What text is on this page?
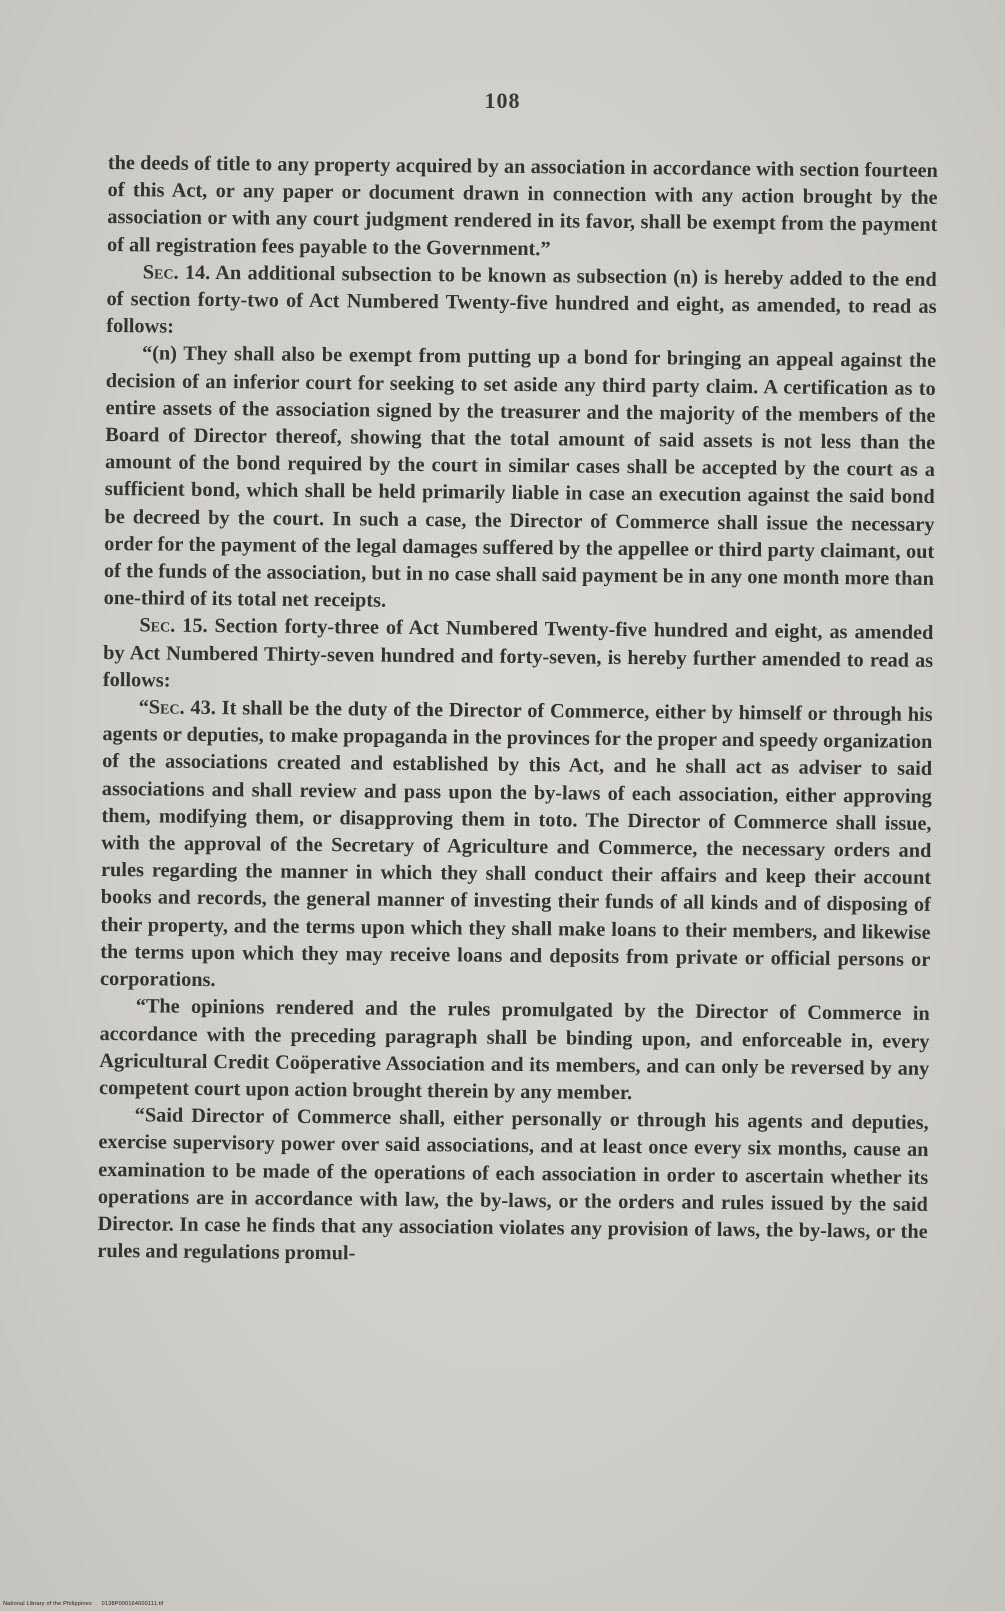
108

the deeds of title to any property acquired by an association in accordance with section fourteen of this Act, or any paper or document drawn in connection with any action brought by the association or with any court judgment rendered in its favor, shall be exempt from the payment of all registration fees payable to the Government.”

Sec. 14. An additional subsection to be known as subsection (n) is hereby added to the end of section forty-two of Act Numbered Twenty-five hundred and eight, as amended, to read as follows:

“(n) They shall also be exempt from putting up a bond for bringing an appeal against the decision of an inferior court for seeking to set aside any third party claim. A certification as to entire assets of the association signed by the treasurer and the majority of the members of the Board of Director thereof, showing that the total amount of said assets is not less than the amount of the bond required by the court in similar cases shall be accepted by the court as a sufficient bond, which shall be held primarily liable in case an execution against the said bond be decreed by the court. In such a case, the Director of Commerce shall issue the necessary order for the payment of the legal damages suffered by the appellee or third party claimant, out of the funds of the association, but in no case shall said payment be in any one month more than one-third of its total net receipts.

Sec. 15. Section forty-three of Act Numbered Twenty-five hundred and eight, as amended by Act Numbered Thirty-seven hundred and forty-seven, is hereby further amended to read as follows:

“Sec. 43. It shall be the duty of the Director of Commerce, either by himself or through his agents or deputies, to make propaganda in the provinces for the proper and speedy organization of the associations created and established by this Act, and he shall act as adviser to said associations and shall review and pass upon the by-laws of each association, either approving them, modifying them, or disapproving them in toto. The Director of Commerce shall issue, with the approval of the Secretary of Agriculture and Commerce, the necessary orders and rules regarding the manner in which they shall conduct their affairs and keep their account books and records, the general manner of investing their funds of all kinds and of disposing of their property, and the terms upon which they shall make loans to their members, and likewise the terms upon which they may receive loans and deposits from private or official persons or corporations.

“The opinions rendered and the rules promulgated by the Director of Commerce in accordance with the preceding paragraph shall be binding upon, and enforceable in, every Agricultural Credit Coöperative Association and its members, and can only be reversed by any competent court upon action brought therein by any member.

“Said Director of Commerce shall, either personally or through his agents and deputies, exercise supervisory power over said associations, and at least once every six months, cause an examination to be made of the operations of each association in order to ascertain whether its operations are in accordance with law, the by-laws, or the orders and rules issued by the said Director. In case he finds that any association violates any provision of laws, the by-laws, or the rules and regulations promul-

National Library of the Philippines 0138P000164000111.tif
